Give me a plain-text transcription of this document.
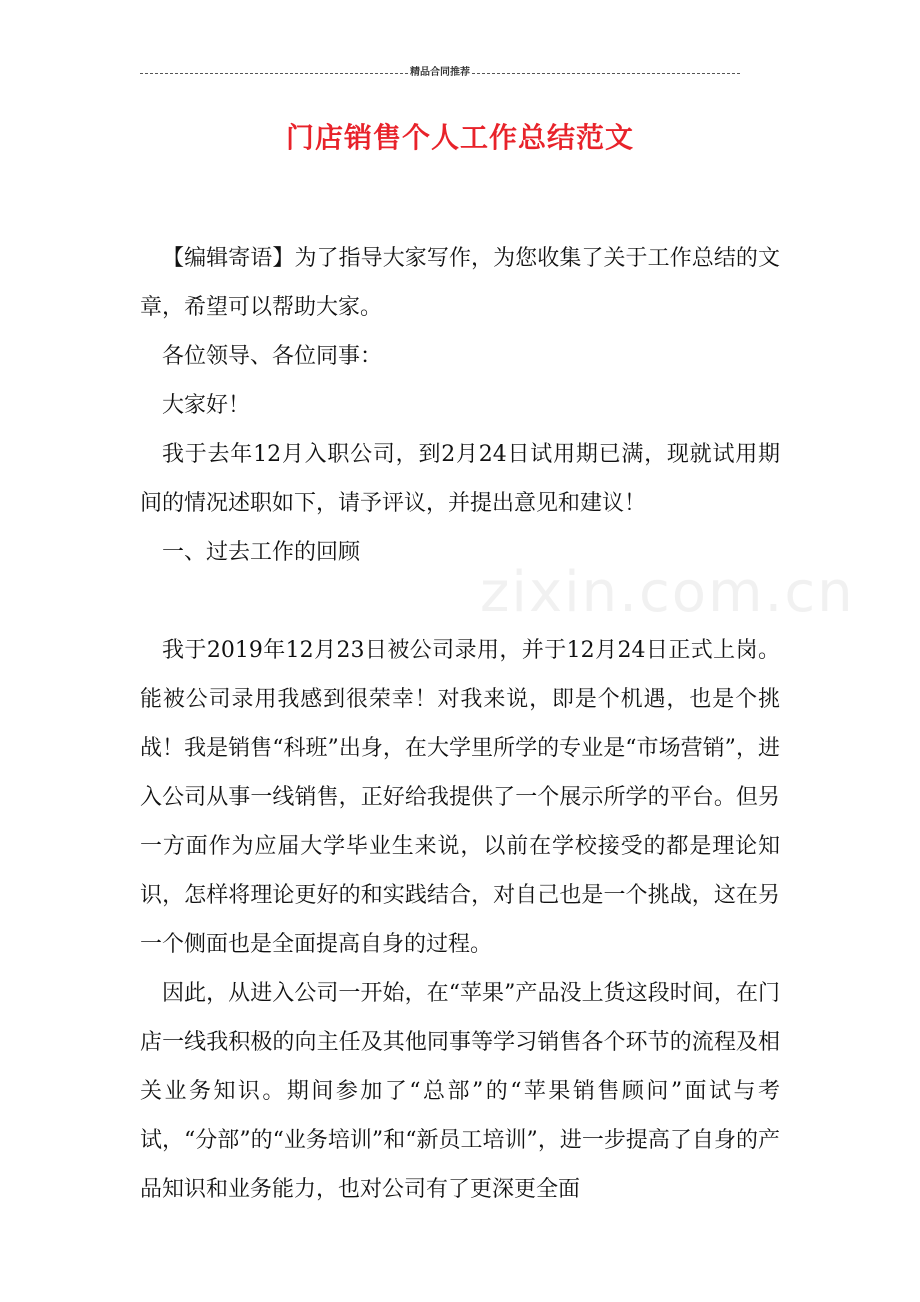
精品合同推荐
门店销售个人工作总结范文
zixin.com.cn

【编辑寄语】为了指导大家写作，为您收集了关于工作总结的文章，希望可以帮助大家。

各位领导、各位同事：

大家好！

我于去年12月入职公司，到2月24日试用期已满，现就试用期间的情况述职如下，请予评议，并提出意见和建议！

一、过去工作的回顾

我于2019年12月23日被公司录用，并于12月24日正式上岗。能被公司录用我感到很荣幸！对我来说，即是个机遇，也是个挑战！我是销售“科班”出身，在大学里所学的专业是“市场营销”，进入公司从事一线销售，正好给我提供了一个展示所学的平台。但另一方面作为应届大学毕业生来说，以前在学校接受的都是理论知识，怎样将理论更好的和实践结合，对自己也是一个挑战，这在另一个侧面也是全面提高自身的过程。

因此，从进入公司一开始，在“苹果”产品没上货这段时间，在门店一线我积极的向主任及其他同事等学习销售各个环节的流程及相关业务知识。期间参加了“总部”的“苹果销售顾问”面试与考试，“分部”的“业务培训”和“新员工培训”，进一步提高了自身的产品知识和业务能力，也对公司有了更深更全面
